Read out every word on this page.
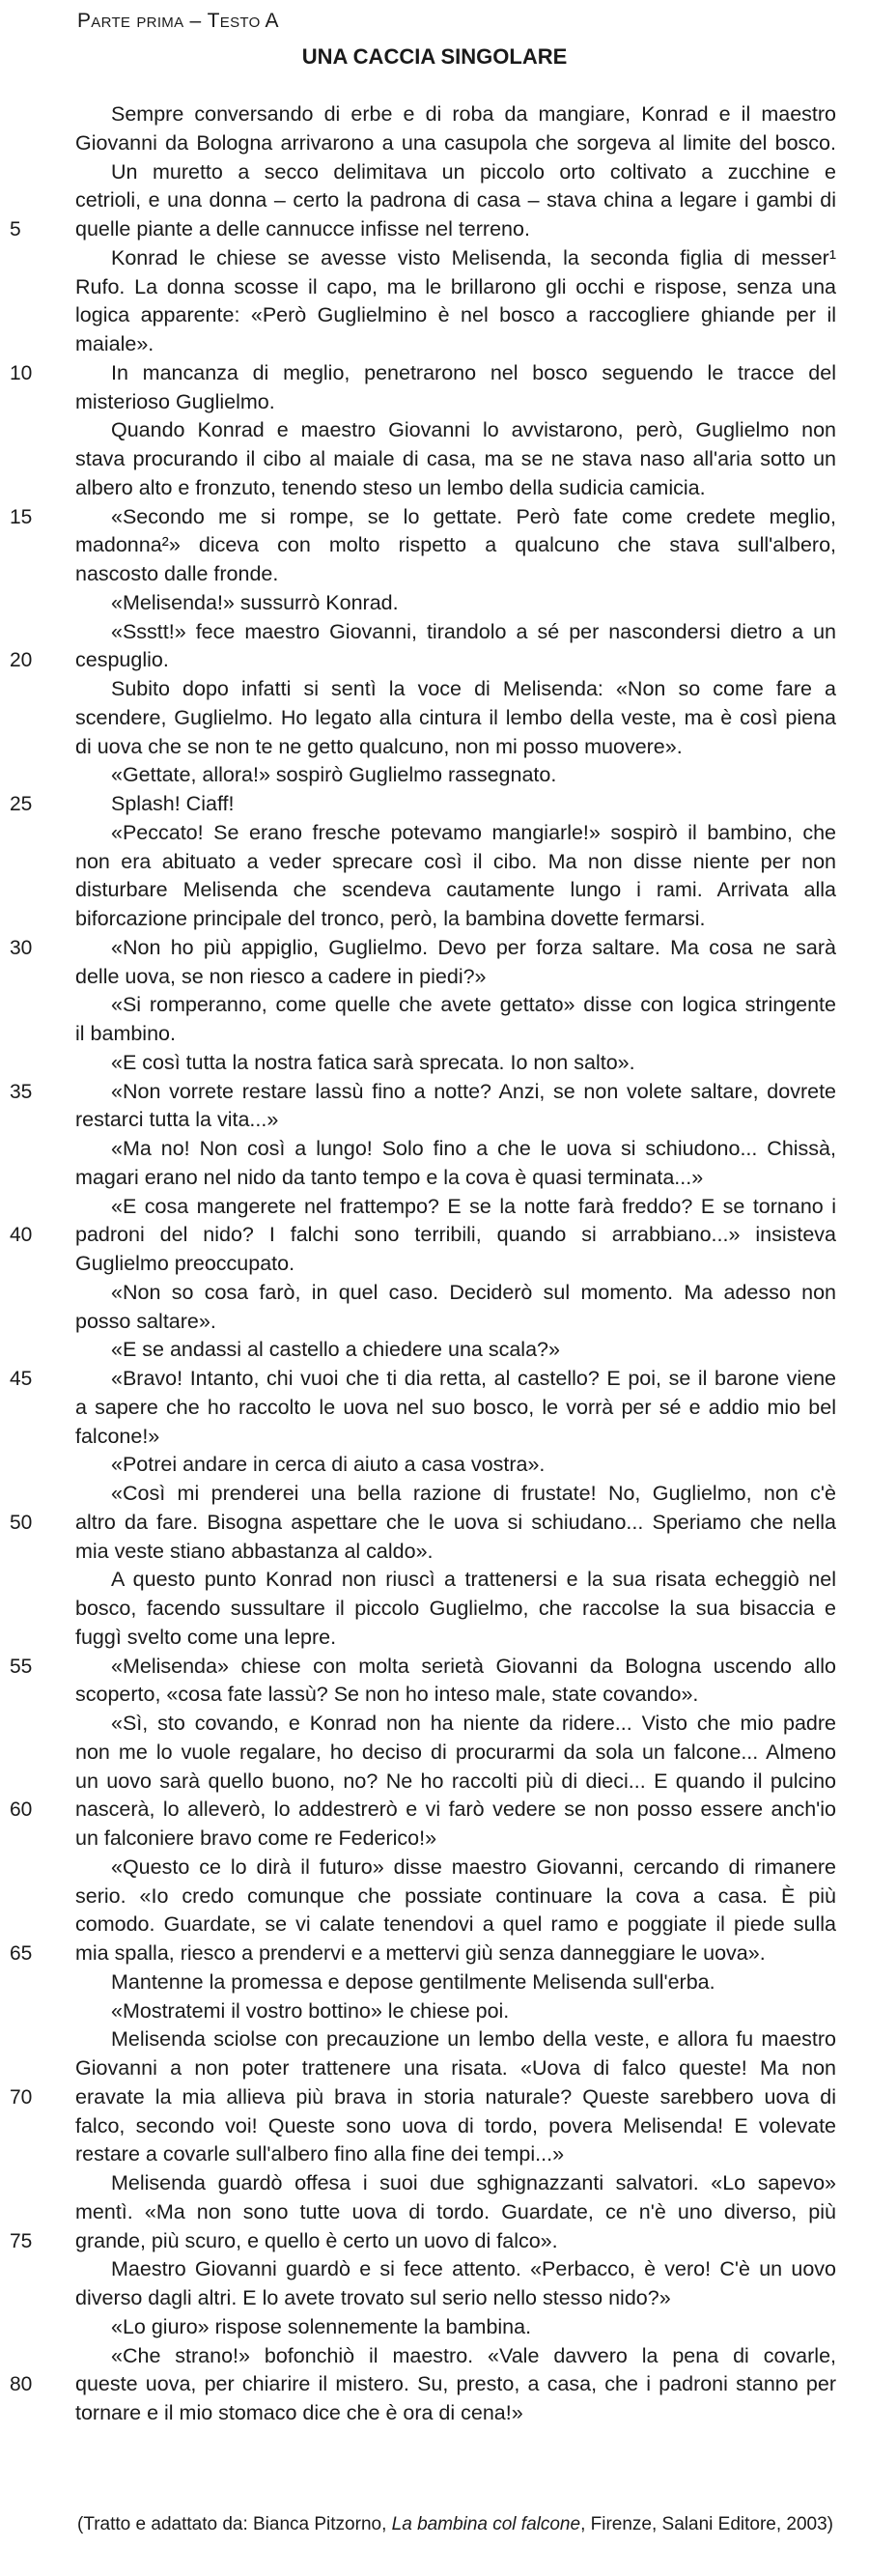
Parte prima – Testo A
UNA CACCIA SINGOLARE
Sempre conversando di erbe e di roba da mangiare, Konrad e il maestro
Giovanni da Bologna arrivarono a una casupola che sorgeva al limite del bosco.
Un muretto a secco delimitava un piccolo orto coltivato a zucchine e
cetrioli, e una donna – certo la padrona di casa – stava china a legare i gambi di
5	quelle piante a delle cannucce infisse nel terreno.
Konrad le chiese se avesse visto Melisenda, la seconda figlia di messer¹
Rufo. La donna scosse il capo, ma le brillarono gli occhi e rispose, senza una
logica apparente: «Però Guglielmino è nel bosco a raccogliere ghiande per il
maiale».
10	In mancanza di meglio, penetrarono nel bosco seguendo le tracce del
misterioso Guglielmo.
Quando Konrad e maestro Giovanni lo avvistarono, però, Guglielmo non
stava procurando il cibo al maiale di casa, ma se ne stava naso all'aria sotto un
albero alto e fronzuto, tenendo steso un lembo della sudicia camicia.
15	«Secondo me si rompe, se lo gettate. Però fate come credete meglio,
madonna²» diceva con molto rispetto a qualcuno che stava sull'albero,
nascosto dalle fronde.
«Melisenda!» sussurrò Konrad.
«Ssstt!» fece maestro Giovanni, tirandolo a sé per nascondersi dietro a un
20	cespuglio.
Subito dopo infatti si sentì la voce di Melisenda: «Non so come fare a
scendere, Guglielmo. Ho legato alla cintura il lembo della veste, ma è così piena
di uova che se non te ne getto qualcuno, non mi posso muovere».
«Gettate, allora!» sospirò Guglielmo rassegnato.
25	Splash! Ciaff!
«Peccato! Se erano fresche potevamo mangiarle!» sospirò il bambino, che
non era abituato a veder sprecare così il cibo. Ma non disse niente per non
disturbare Melisenda che scendeva cautamente lungo i rami. Arrivata alla
biforcazione principale del tronco, però, la bambina dovette fermarsi.
30	«Non ho più appiglio, Guglielmo. Devo per forza saltare. Ma cosa ne sarà
delle uova, se non riesco a cadere in piedi?»
«Si romperanno, come quelle che avete gettato» disse con logica stringente
il bambino.
«E così tutta la nostra fatica sarà sprecata. Io non salto».
35	«Non vorrete restare lassù fino a notte? Anzi, se non volete saltare, dovrete
restarci tutta la vita...»
«Ma no! Non così a lungo! Solo fino a che le uova si schiudono... Chissà,
magari erano nel nido da tanto tempo e la cova è quasi terminata...»
«E cosa mangerete nel frattempo? E se la notte farà freddo? E se tornano i
40	padroni del nido? I falchi sono terribili, quando si arrabbiano...» insisteva
Guglielmo preoccupato.
«Non so cosa farò, in quel caso. Deciderò sul momento. Ma adesso non
posso saltare».
«E se andassi al castello a chiedere una scala?»
45	«Bravo! Intanto, chi vuoi che ti dia retta, al castello? E poi, se il barone viene
a sapere che ho raccolto le uova nel suo bosco, le vorrà per sé e addio mio bel
falcone!»
«Potrei andare in cerca di aiuto a casa vostra».
«Così mi prenderei una bella razione di frustate! No, Guglielmo, non c'è
50	altro da fare. Bisogna aspettare che le uova si schiudano... Speriamo che nella
mia veste stiano abbastanza al caldo».
A questo punto Konrad non riuscì a trattenersi e la sua risata echeggiò nel
bosco, facendo sussultare il piccolo Guglielmo, che raccolse la sua bisaccia e
fuggì svelto come una lepre.
55	«Melisenda» chiese con molta serietà Giovanni da Bologna uscendo allo
scoperto, «cosa fate lassù? Se non ho inteso male, state covando».
«Sì, sto covando, e Konrad non ha niente da ridere... Visto che mio padre
non me lo vuole regalare, ho deciso di procurarmi da sola un falcone... Almeno
un uovo sarà quello buono, no? Ne ho raccolti più di dieci... E quando il pulcino
60	nascerà, lo alleverò, lo addestrerò e vi farò vedere se non posso essere anch'io
un falconiere bravo come re Federico!»
«Questo ce lo dirà il futuro» disse maestro Giovanni, cercando di rimanere
serio. «Io credo comunque che possiate continuare la cova a casa. È più
comodo. Guardate, se vi calate tenendovi a quel ramo e poggiate il piede sulla
65	mia spalla, riesco a prendervi e a mettervi giù senza danneggiare le uova».
Mantenne la promessa e depose gentilmente Melisenda sull'erba.
«Mostratemi il vostro bottino» le chiese poi.
Melisenda sciolse con precauzione un lembo della veste, e allora fu maestro
Giovanni a non poter trattenere una risata. «Uova di falco queste! Ma non
70	eravate la mia allieva più brava in storia naturale? Queste sarebbero uova di
falco, secondo voi! Queste sono uova di tordo, povera Melisenda! E volevate
restare a covarle sull'albero fino alla fine dei tempi...»
Melisenda guardò offesa i suoi due sghignazzanti salvatori. «Lo sapevo»
mentì. «Ma non sono tutte uova di tordo. Guardate, ce n'è uno diverso, più
75	grande, più scuro, e quello è certo un uovo di falco».
Maestro Giovanni guardò e si fece attento. «Perbacco, è vero! C'è un uovo
diverso dagli altri. E lo avete trovato sul serio nello stesso nido?»
«Lo giuro» rispose solennemente la bambina.
«Che strano!» bofonchiò il maestro. «Vale davvero la pena di covarle,
80	queste uova, per chiarire il mistero. Su, presto, a casa, che i padroni stanno per
tornare e il mio stomaco dice che è ora di cena!»
(Tratto e adattato da: Bianca Pitzorno, La bambina col falcone, Firenze, Salani Editore, 2003)
